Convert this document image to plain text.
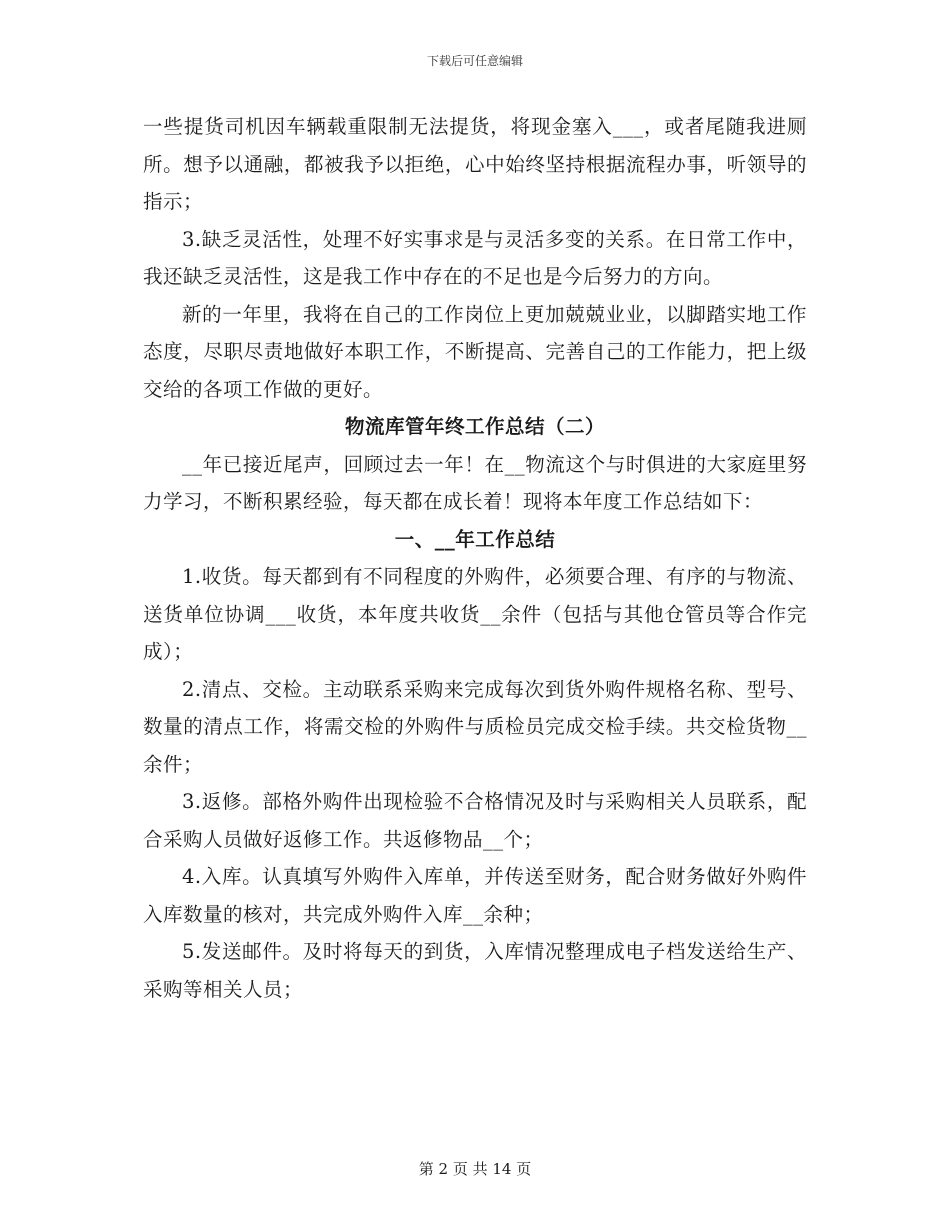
下载后可任意编辑

一些提货司机因车辆载重限制无法提货，将现金塞入___，或者尾随我进厕所。想予以通融，都被我予以拒绝，心中始终坚持根据流程办事，听领导的指示；

3.缺乏灵活性，处理不好实事求是与灵活多变的关系。在日常工作中，我还缺乏灵活性，这是我工作中存在的不足也是今后努力的方向。

新的一年里，我将在自己的工作岗位上更加兢兢业业，以脚踏实地工作态度，尽职尽责地做好本职工作，不断提高、完善自己的工作能力，把上级交给的各项工作做的更好。

物流库管年终工作总结（二）

__年已接近尾声，回顾过去一年！在__物流这个与时俱进的大家庭里努力学习，不断积累经验，每天都在成长着！现将本年度工作总结如下：

一、__年工作总结

1.收货。每天都到有不同程度的外购件，必须要合理、有序的与物流、送货单位协调___收货，本年度共收货__余件（包括与其他仓管员等合作完成）；

2.清点、交检。主动联系采购来完成每次到货外购件规格名称、型号、数量的清点工作，将需交检的外购件与质检员完成交检手续。共交检货物__余件；

3.返修。部格外购件出现检验不合格情况及时与采购相关人员联系，配合采购人员做好返修工作。共返修物品__个；

4.入库。认真填写外购件入库单，并传送至财务，配合财务做好外购件入库数量的核对，共完成外购件入库__余种；

5.发送邮件。及时将每天的到货，入库情况整理成电子档发送给生产、采购等相关人员；

第 2 页 共 14 页
